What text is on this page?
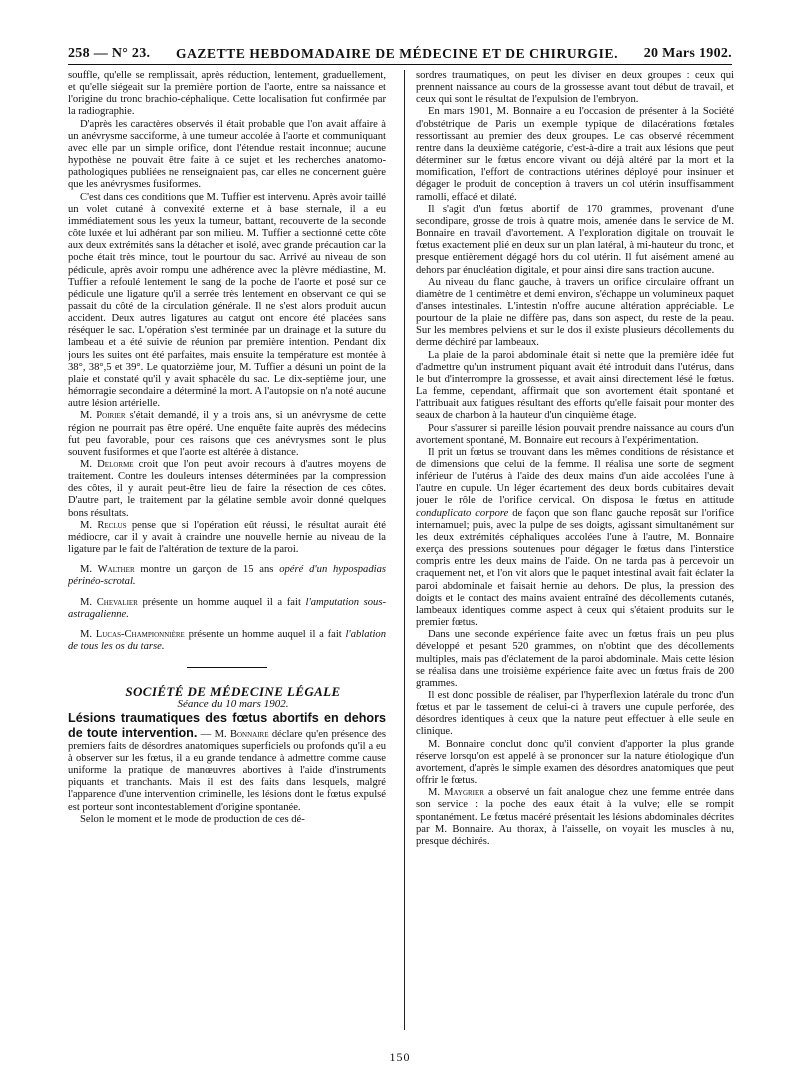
258 — N° 23. GAZETTE HEBDOMADAIRE DE MÉDECINE ET DE CHIRURGIE. 20 Mars 1902.

souffle, qu'elle se remplissait, après réduction, lentement, graduellement, et qu'elle siégeait sur la première portion de l'aorte, entre sa naissance et l'origine du tronc brachio-céphalique. Cette localisation fut confirmée par la radiographie.

D'après les caractères observés il était probable que l'on avait affaire à un anévrysme sacciforme, à une tumeur accolée à l'aorte et communiquant avec elle par un simple orifice, dont l'étendue restait inconnue; aucune hypothèse ne pouvait être faite à ce sujet et les recherches anatomo-pathologiques publiées ne renseignaient pas, car elles ne concernent guère que les anévrysmes fusiformes.

C'est dans ces conditions que M. Tuffier est intervenu. Après avoir taillé un volet cutané à convexité externe et à base sternale, il a eu immédiatement sous les yeux la tumeur, battant, recouverte de la seconde côte luxée et lui adhérant par son milieu. M. Tuffier a sectionné cette côte aux deux extrémités sans la détacher et isolé, avec grande précaution car la poche était très mince, tout le pourtour du sac. Arrivé au niveau de son pédicule, après avoir rompu une adhérence avec la plèvre médiastine, M. Tuffier a refoulé lentement le sang de la poche de l'aorte et posé sur ce pédicule une ligature qu'il a serrée très lentement en observant ce qui se passait du côté de la circulation générale. Il ne s'est alors produit aucun accident. Deux autres ligatures au catgut ont encore été placées sans réséquer le sac. L'opération s'est terminée par un drainage et la suture du lambeau et a été suivie de réunion par première intention. Pendant dix jours les suites ont été parfaites, mais ensuite la température est montée à 38°, 38°,5 et 39°. Le quatorzième jour, M. Tuffier a désuni un point de la plaie et constaté qu'il y avait sphacèle du sac. Le dix-septième jour, une hémorragie secondaire a déterminé la mort. A l'autopsie on n'a noté aucune autre lésion artérielle.

M. Poirier s'était demandé, il y a trois ans, si un anévrysme de cette région ne pourrait pas être opéré. Une enquête faite auprès des médecins fut peu favorable, pour ces raisons que ces anévrysmes sont le plus souvent fusiformes et que l'aorte est altérée à distance.

M. Delorme croit que l'on peut avoir recours à d'autres moyens de traitement. Contre les douleurs intenses déterminées par la compression des côtes, il y aurait peut-être lieu de faire la résection de ces côtes. D'autre part, le traitement par la gélatine semble avoir donné quelques bons résultats.

M. Reclus pense que si l'opération eût réussi, le résultat aurait été médiocre, car il y avait à craindre une nouvelle hernie au niveau de la ligature par le fait de l'altération de texture de la paroi.

M. Walther montre un garçon de 15 ans opéré d'un hypospadias périnéo-scrotal.

M. Chevalier présente un homme auquel il a fait l'amputation sous-astragalienne.

M. Lucas-Championnière présente un homme auquel il a fait l'ablation de tous les os du tarse.

SOCIÉTÉ DE MÉDECINE LÉGALE

Séance du 10 mars 1902.

Lésions traumatiques des fœtus abortifs en dehors de toute intervention. — M. Bonnaire déclare qu'en présence des premiers faits de désordres anatomiques superficiels ou profonds qu'il a eu à observer sur les fœtus, il a eu grande tendance à admettre comme cause uniforme la pratique de manœuvres abortives à l'aide d'instruments piquants et tranchants. Mais il est des faits dans lesquels, malgré l'apparence d'une intervention criminelle, les lésions dont le fœtus expulsé est porteur sont incontestablement d'origine spontanée.

Selon le moment et le mode de production de ces dé-

sordres traumatiques, on peut les diviser en deux groupes : ceux qui prennent naissance au cours de la grossesse avant tout début de travail, et ceux qui sont le résultat de l'expulsion de l'embryon.

En mars 1901, M. Bonnaire a eu l'occasion de présenter à la Société d'obstétrique de Paris un exemple typique de dilacérations fœtales ressortissant au premier des deux groupes. Le cas observé récemment rentre dans la deuxième catégorie, c'est-à-dire a trait aux lésions que peut déterminer sur le fœtus encore vivant ou déjà altéré par la mort et la momification, l'effort de contractions utérines déployé pour insinuer et dégager le produit de conception à travers un col utérin insuffisamment ramolli, effacé et dilaté.

Il s'agit d'un fœtus abortif de 170 grammes, provenant d'une secondipare, grosse de trois à quatre mois, amenée dans le service de M. Bonnaire en travail d'avortement. A l'exploration digitale on trouvait le fœtus exactement plié en deux sur un plan latéral, à mi-hauteur du tronc, et presque entièrement dégagé hors du col utérin. Il fut aisément amené au dehors par énucléation digitale, et pour ainsi dire sans traction aucune.

Au niveau du flanc gauche, à travers un orifice circulaire offrant un diamètre de 1 centimètre et demi environ, s'échappe un volumineux paquet d'anses intestinales. L'intestin n'offre aucune altération appréciable. Le pourtour de la plaie ne diffère pas, dans son aspect, du reste de la peau. Sur les membres pelviens et sur le dos il existe plusieurs décollements du derme déchiré par lambeaux.

La plaie de la paroi abdominale était si nette que la première idée fut d'admettre qu'un instrument piquant avait été introduit dans l'utérus, dans le but d'interrompre la grossesse, et avait ainsi directement lésé le fœtus. La femme, cependant, affirmait que son avortement était spontané et l'attribuait aux fatigues résultant des efforts qu'elle faisait pour monter des seaux de charbon à la hauteur d'un cinquième étage.

Pour s'assurer si pareille lésion pouvait prendre naissance au cours d'un avortement spontané, M. Bonnaire eut recours à l'expérimentation.

Il prit un fœtus se trouvant dans les mêmes conditions de résistance et de dimensions que celui de la femme. Il réalisa une sorte de segment inférieur de l'utérus à l'aide des deux mains d'un aide accolées l'une à l'autre en cupule. Un léger écartement des deux bords cubitaires devait jouer le rôle de l'orifice cervical. On disposa le fœtus en attitude conduplicato corpore de façon que son flanc gauche reposât sur l'orifice internamuel; puis, avec la pulpe de ses doigts, agissant simultanément sur les deux extrémités céphaliques accolées l'une à l'autre, M. Bonnaire exerça des pressions soutenues pour dégager le fœtus dans l'interstice compris entre les deux mains de l'aide. On ne tarda pas à percevoir un craquement net, et l'on vit alors que le paquet intestinal avait fait éclater la paroi abdominale et faisait hernie au dehors. De plus, la pression des doigts et le contact des mains avaient entraîné des décollements cutanés, lambeaux identiques comme aspect à ceux qui s'étaient produits sur le premier fœtus.

Dans une seconde expérience faite avec un fœtus frais un peu plus développé et pesant 520 grammes, on n'obtint que des décollements multiples, mais pas d'éclatement de la paroi abdominale. Mais cette lésion se réalisa dans une troisième expérience faite avec un fœtus frais de 200 grammes.

Il est donc possible de réaliser, par l'hyperflexion latérale du tronc d'un fœtus et par le tassement de celui-ci à travers une cupule perforée, des désordres identiques à ceux que la nature peut effectuer à elle seule en clinique.

M. Bonnaire conclut donc qu'il convient d'apporter la plus grande réserve lorsqu'on est appelé à se prononcer sur la nature étiologique d'un avortement, d'après le simple examen des désordres anatomiques que peut offrir le fœtus.

M. Maygrier a observé un fait analogue chez une femme entrée dans son service : la poche des eaux était à la vulve; elle se rompit spontanément. Le fœtus macéré présentait les lésions abdominales décrites par M. Bonnaire. Au thorax, à l'aisselle, on voyait les muscles à nu, presque déchirés.

150
